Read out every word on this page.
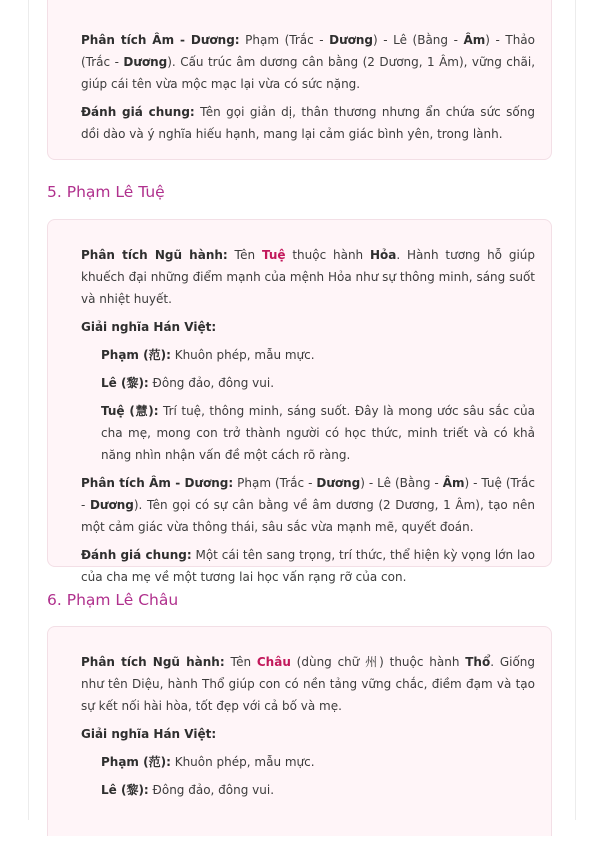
Phân tích Âm - Dương: Phạm (Trắc - Dương) - Lê (Bằng - Âm) - Thảo (Trắc - Dương). Cấu trúc âm dương cân bằng (2 Dương, 1 Âm), vững chãi, giúp cái tên vừa mộc mạc lại vừa có sức nặng.

Đánh giá chung: Tên gọi giản dị, thân thương nhưng ẩn chứa sức sống dồi dào và ý nghĩa hiếu hạnh, mang lại cảm giác bình yên, trong lành.

5. Phạm Lê Tuệ

Phân tích Ngũ hành: Tên Tuệ thuộc hành Hỏa. Hành tương hỗ giúp khuếch đại những điểm mạnh của mệnh Hỏa như sự thông minh, sáng suốt và nhiệt huyết.

Giải nghĩa Hán Việt:

Phạm (范): Khuôn phép, mẫu mực.

Lê (黎): Đông đảo, đông vui.

Tuệ (慧): Trí tuệ, thông minh, sáng suốt. Đây là mong ước sâu sắc của cha mẹ, mong con trở thành người có học thức, minh triết và có khả năng nhìn nhận vấn đề một cách rõ ràng.

Phân tích Âm - Dương: Phạm (Trắc - Dương) - Lê (Bằng - Âm) - Tuệ (Trắc - Dương). Tên gọi có sự cân bằng về âm dương (2 Dương, 1 Âm), tạo nên một cảm giác vừa thông thái, sâu sắc vừa mạnh mẽ, quyết đoán.

Đánh giá chung: Một cái tên sang trọng, trí thức, thể hiện kỳ vọng lớn lao của cha mẹ về một tương lai học vấn rạng rỡ của con.

6. Phạm Lê Châu

Phân tích Ngũ hành: Tên Châu (dùng chữ 州) thuộc hành Thổ. Giống như tên Diệu, hành Thổ giúp con có nền tảng vững chắc, điềm đạm và tạo sự kết nối hài hòa, tốt đẹp với cả bố và mẹ.

Giải nghĩa Hán Việt:

Phạm (范): Khuôn phép, mẫu mực.

Lê (黎): Đông đảo, đông vui.
